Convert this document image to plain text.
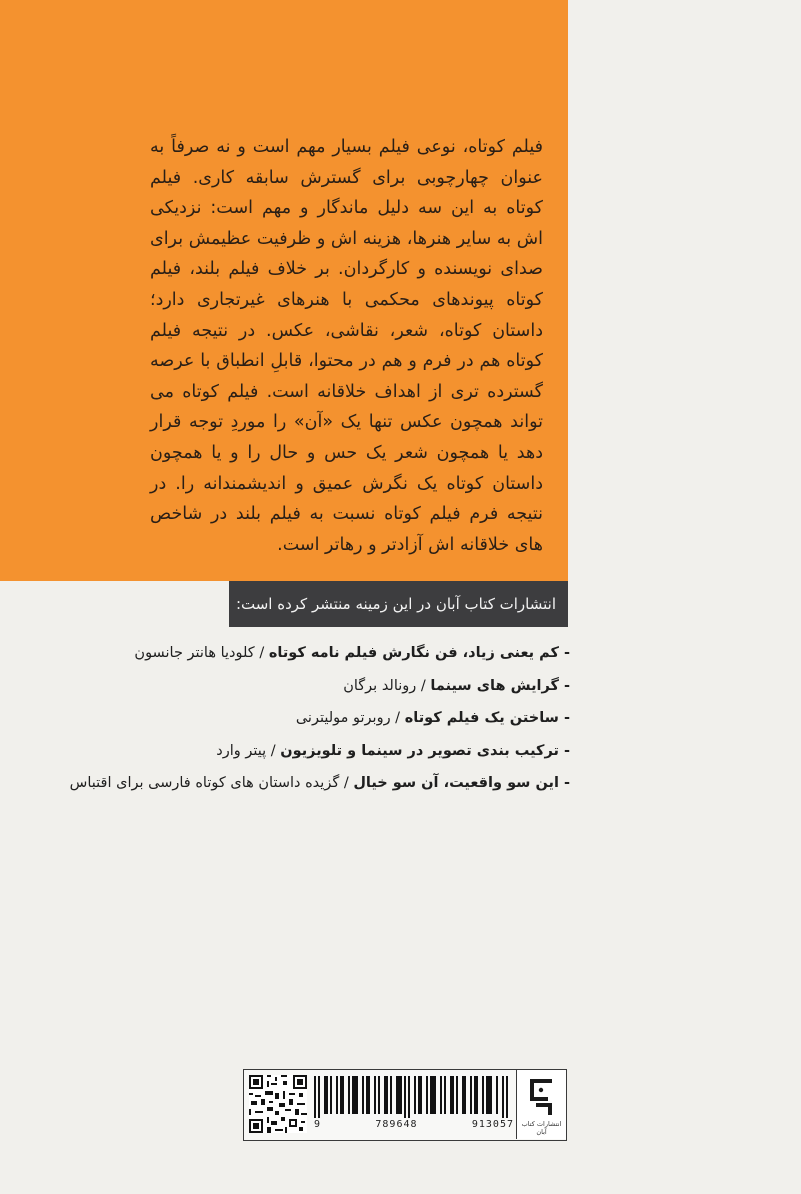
فیلم کوتاه، نوعی فیلم بسیار مهم است و نه صرفاً به عنوان چهارچوبی برای گسترش سابقه کاری. فیلم کوتاه به این سه دلیل ماندگار و مهم است: نزدیکی اش به سایر هنرها، هزینه اش و ظرفیت عظیمش برای صدای نویسنده و کارگردان. بر خلاف فیلم بلند، فیلم کوتاه پیوندهای محکمی با هنرهای غیرتجاری دارد؛ داستان کوتاه، شعر، نقاشی، عکس. در نتیجه فیلم کوتاه هم در فرم و هم در محتوا، قابلِ انطباق با عرصه گسترده تری از اهداف خلاقانه است. فیلم کوتاه می تواند همچون عکس تنها یک «آن» را موردِ توجه قرار دهد یا همچون شعر یک حس و حال را و یا همچون داستان کوتاه یک نگرش عمیق و اندیشمندانه را. در نتیجه فرم فیلم کوتاه نسبت به فیلم بلند در شاخص های خلاقانه اش آزادتر و رهاتر است.

انتشارات کتاب آبان در این زمینه منتشر کرده است:
- کم یعنی زیاد، فن نگارش فیلم نامه کوتاه / کلودیا هانتر جانسون
- گرایش های سینما / رونالد برگان
- ساختن یک فیلم کوتاه / روبرتو مولیترنی
- ترکیب بندی تصویر در سینما و تلویزیون / پیتر وارد
- این سو واقعیت، آن سو خیال / گزیده داستان های کوتاه فارسی برای اقتباس
9	789648	913057	انتشارات کتاب آبان
